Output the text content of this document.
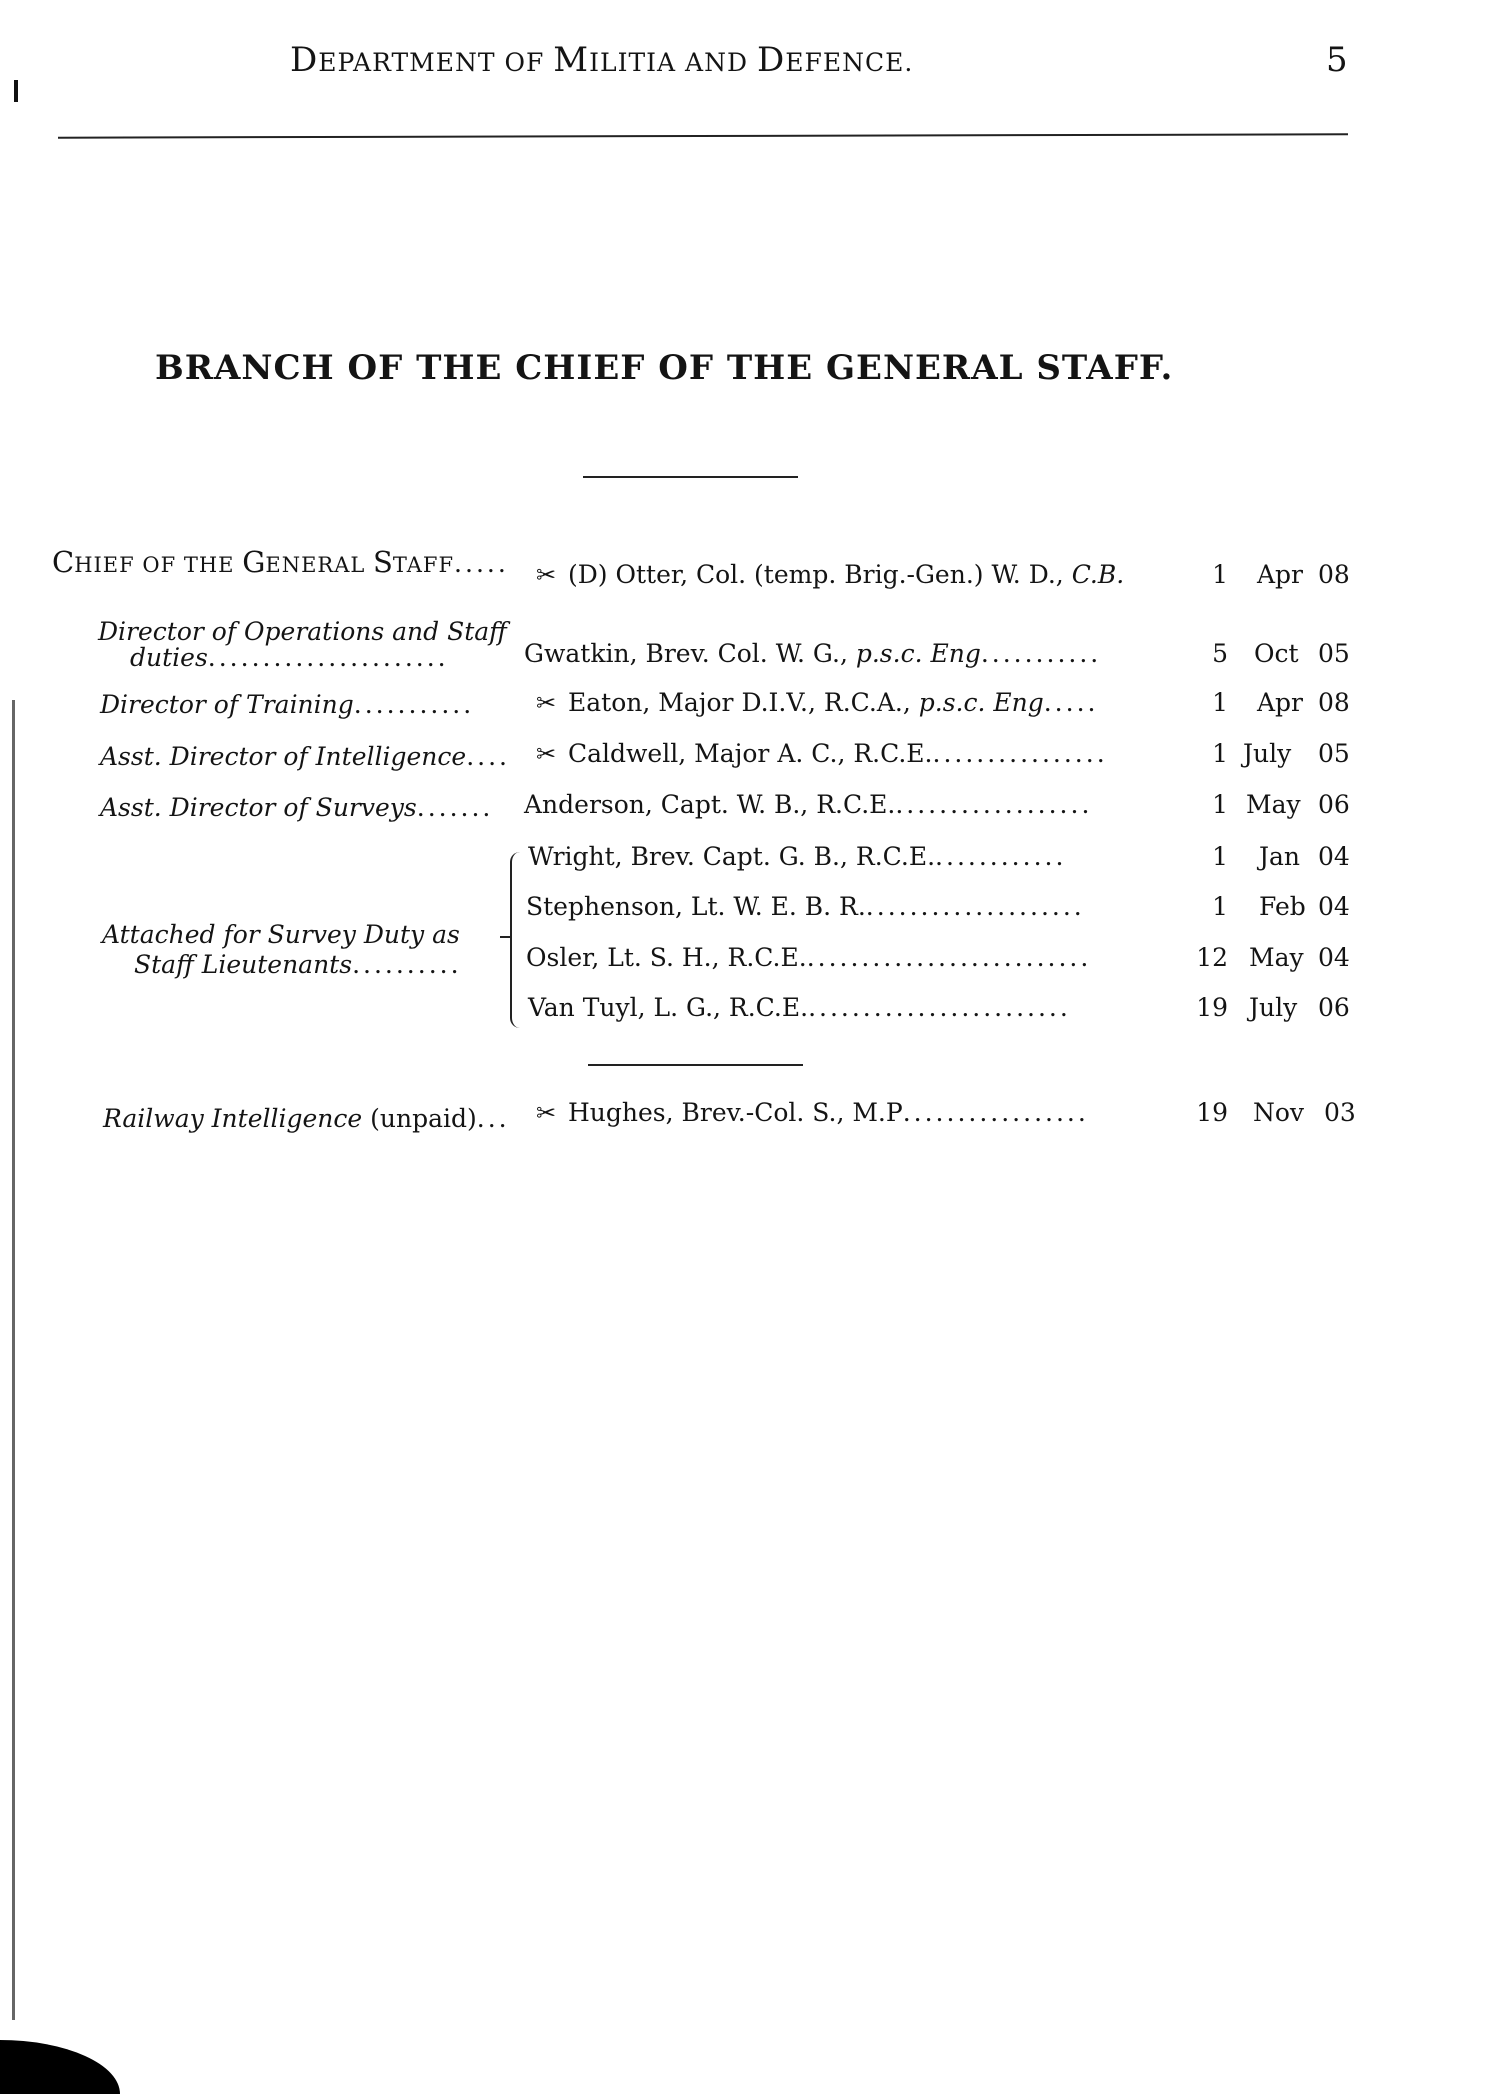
DEPARTMENT OF MILITIA AND DEFENCE.	5
BRANCH OF THE CHIEF OF THE GENERAL STAFF.
CHIEF OF THE GENERAL STAFF.....	✂ (D) Otter, Col. (temp. Brig.-Gen.) W. D., C.B.	1 Apr 08
Director of Operations and Staff
duties......................	Gwatkin, Brev. Col. W. G., p.s.c. Eng...........	5 Oct 05
Director of Training...........	✂ Eaton, Major D.I.V., R.C.A., p.s.c. Eng.....	1 Apr 08
Asst. Director of Intelligence....	✂ Caldwell, Major A. C., R.C.E.................	1 July 05
Asst. Director of Surveys....... Anderson, Capt. W. B., R.C.E...................	1 May 06
Attached for Survey Duty as
Staff Lieutenants..........
Wright, Brev. Capt. G. B., R.C.E.............	1 Jan 04
Stephenson, Lt. W. E. B. R.....................	1 Feb 04
Osler, Lt. S. H., R.C.E...........................	12 May 04
Van Tuyl, L. G., R.C.E.........................	19 July 06
Railway Intelligence (unpaid)...	✂ Hughes, Brev.-Col. S., M.P.................	19 Nov 03
